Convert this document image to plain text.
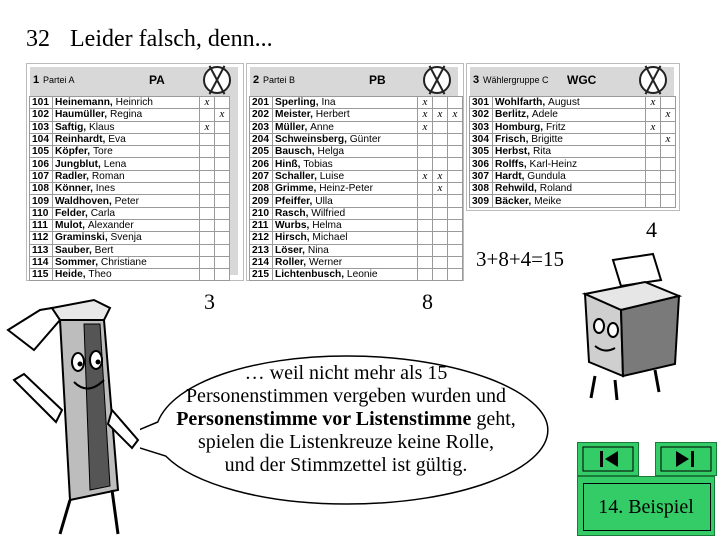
32 Leider falsch, denn...
1 Partei A	PA
101	Heinemann, Heinrich	x	
102	Haumüller, Regina		x
103	Saftig, Klaus	x	
104	Reinhardt, Eva		
105	Köpfer, Tore		
106	Jungblut, Lena		
107	Radler, Roman		
108	Könner, Ines		
109	Waldhoven, Peter		
110	Felder, Carla		
111	Mulot, Alexander		
112	Graminski, Svenja		
113	Sauber, Bert		
114	Sommer, Christiane		
115	Heide, Theo		
2 Partei B	PB
201	Sperling, Ina	x		
202	Meister, Herbert	x	x	x
203	Müller, Anne	x		
204	Schweinsberg, Günter			
205	Bausch, Helga			
206	Hinß, Tobias			
207	Schaller, Luise	x	x	
208	Grimme, Heinz-Peter		x	
209	Pfeiffer, Ulla			
210	Rasch, Wilfried			
211	Wurbs, Helma			
212	Hirsch, Michael			
213	Löser, Nina			
214	Roller, Werner			
215	Lichtenbusch, Leonie			
3 Wählergruppe C WGC
301	Wohlfarth, August	x	
302	Berlitz, Adele		x
303	Homburg, Fritz	x	
304	Frisch, Brigitte		x
305	Herbst, Rita		
306	Rolffs, Karl-Heinz		
307	Hardt, Gundula		
308	Rehwild, Roland		
309	Bäcker, Meike		
3	8
4
3+8+4=15
… weil nicht mehr als 15
Personenstimmen vergeben wurden und
Personenstimme vor Listenstimme geht,
spielen die Listenkreuze keine Rolle,
und der Stimmzettel ist gültig.
14. Beispiel
